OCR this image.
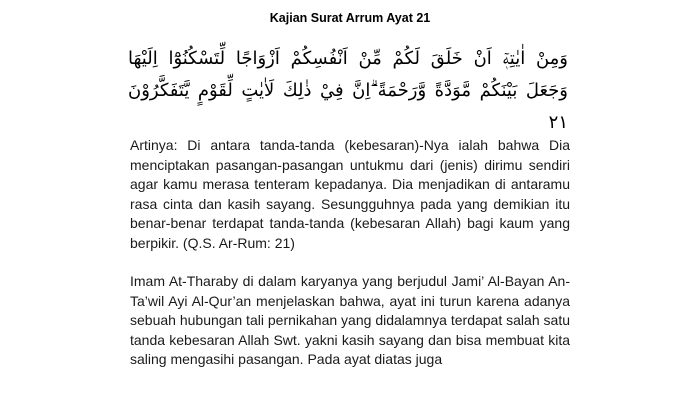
Kajian Surat Arrum Ayat 21
وَمِنْ اٰيٰتِهٖٓ اَنْ خَلَقَ لَكُمْ مِّنْ اَنْفُسِكُمْ اَزْوَاجًا لِّتَسْكُنُوْٓا اِلَيْهَا وَجَعَلَ بَيْنَكُمْ مَّوَدَّةً وَّرَحْمَةً ۗاِنَّ فِيْ ذٰلِكَ لَاٰيٰتٍ لِّقَوْمٍ يَّتَفَكَّرُوْنَ ٢١
Artinya: Di antara tanda-tanda (kebesaran)-Nya ialah bahwa Dia menciptakan pasangan-pasangan untukmu dari (jenis) dirimu sendiri agar kamu merasa tenteram kepadanya. Dia menjadikan di antaramu rasa cinta dan kasih sayang. Sesungguhnya pada yang demikian itu benar-benar terdapat tanda-tanda (kebesaran Allah) bagi kaum yang berpikir. (Q.S. Ar-Rum: 21)
Imam At-Tharaby di dalam karyanya yang berjudul Jami’ Al-Bayan An-Ta’wil Ayi Al-Qur’an menjelaskan bahwa, ayat ini turun karena adanya sebuah hubungan tali pernikahan yang didalamnya terdapat salah satu tanda kebesaran Allah Swt. yakni kasih sayang dan bisa membuat kita saling mengasihi pasangan. Pada ayat diatas juga
